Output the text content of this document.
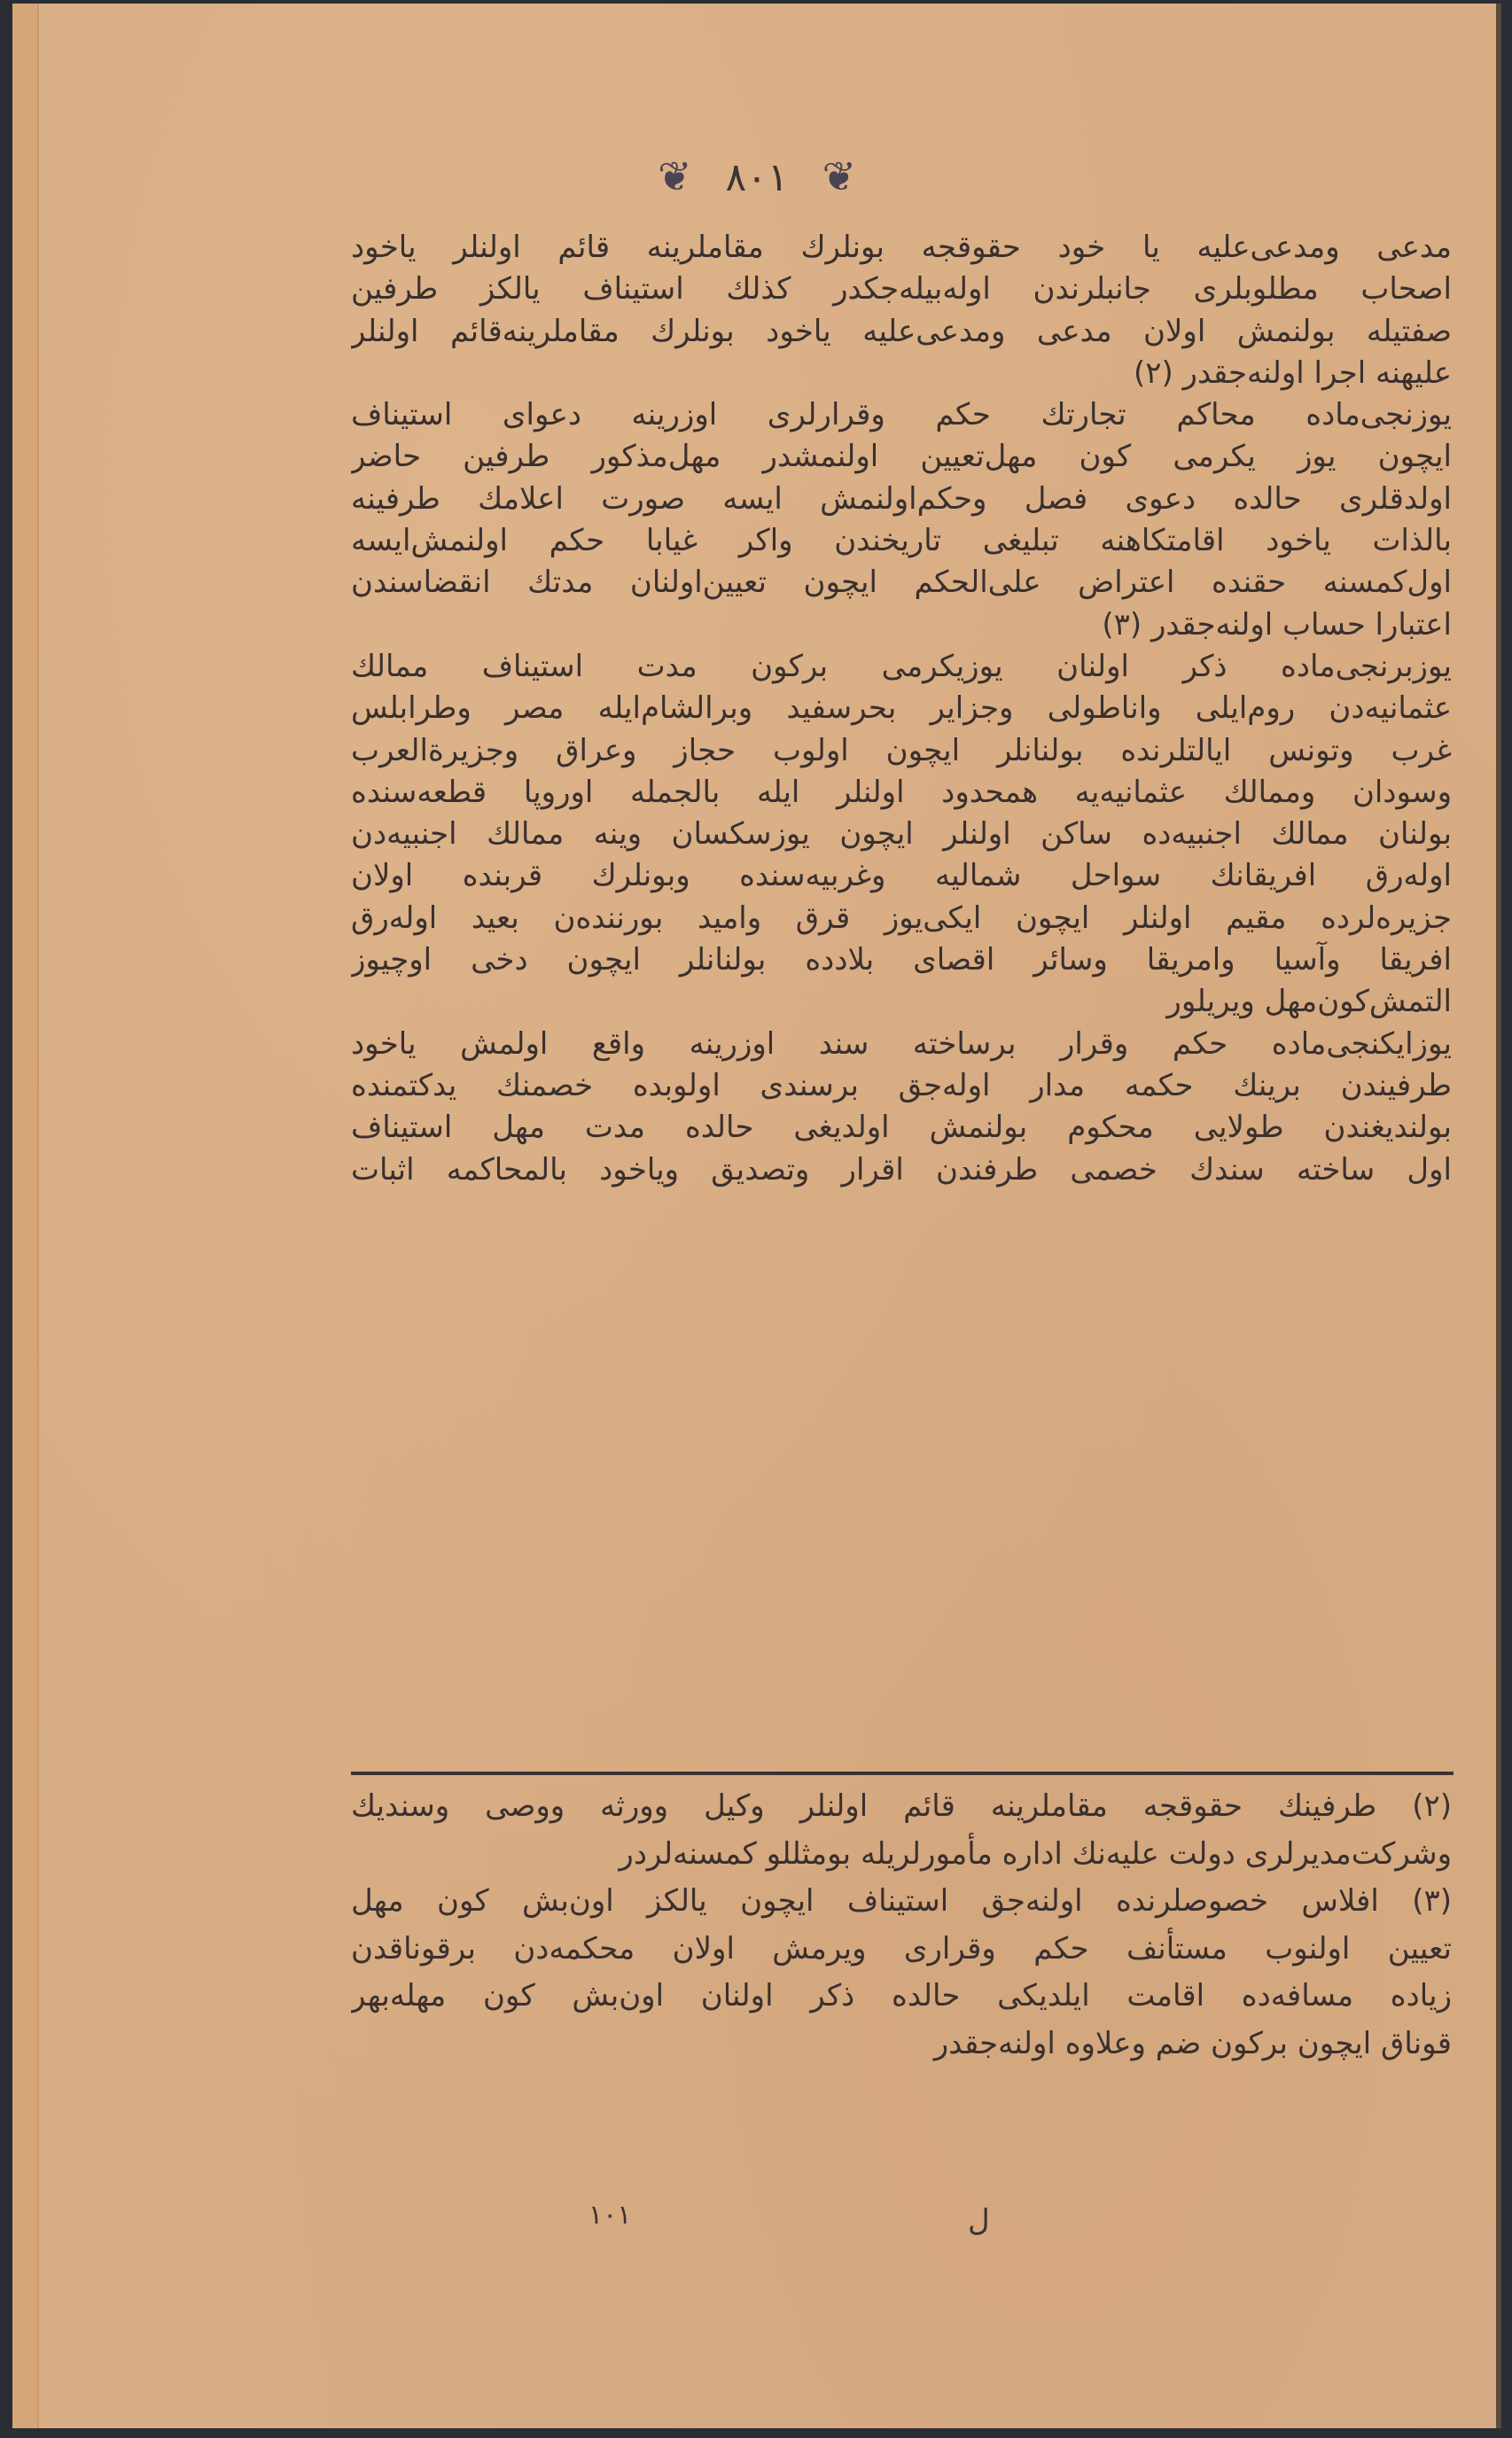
❦ ٨٠١ ❦
مدعى ومدعى‌عليه يا خود حقوقجه بونلرك مقاملرينه قائم اولنلر ياخود
اصحاب مطلوبلرى جانبلرندن اوله‌بيله‌جكدر كذلك استيناف يالكز طرفين
صفتيله بولنمش اولان مدعى ومدعى‌عليه ياخود بونلرك مقاملرينه‌قائم اولنلر
عليهنه اجرا اولنه‌جقدر (٢)
يوزنجى‌ماده محاكم تجارتك حكم وقرارلرى اوزرينه دعواى استيناف
ايچون يوز يكرمى كون مهل‌تعيين اولنمشدر مهل‌مذكور طرفين حاضر
اولدقلرى حالده دعوى فصل وحكم‌اولنمش ايسه صورت اعلامك طرفينه
بالذات ياخود اقامتكاهنه تبليغى تاريخندن واكر غيابا حكم اولنمش‌ايسه
اول‌كمسنه حقنده اعتراض على‌الحكم ايچون تعيين‌اولنان مدتك انقضاسندن
اعتبارا حساب اولنه‌جقدر (٣)
يوزبرنجى‌ماده ذكر اولنان يوزيكرمى بركون مدت استيناف ممالك
عثمانيه‌دن روم‌ايلى واناطولى وجزاير بحرسفيد وبرالشام‌ايله مصر وطرابلس
غرب وتونس ايالتلرنده بولنانلر ايچون اولوب حجاز وعراق وجزيرة‌العرب
وسودان وممالك عثمانيه‌يه همحدود اولنلر ايله بالجمله اوروپا قطعه‌سنده
بولنان ممالك اجنبيه‌ده ساكن اولنلر ايچون يوزسكسان وينه ممالك اجنبيه‌دن
اوله‌رق افريقانك سواحل شماليه وغربيه‌سنده وبونلرك قربنده اولان
جزيره‌لرده مقيم اولنلر ايچون ايكى‌يوز قرق واميد بورننده‌ن بعيد اوله‌رق
افريقا وآسيا وامريقا وسائر اقصاى بلادده بولنانلر ايچون دخى اوچيوز
التمش‌كون‌مهل ويريلور
يوزايكنجى‌ماده حكم وقرار برساخته سند اوزرينه واقع اولمش ياخود
طرفيندن برينك حكمه مدار اوله‌جق برسندى اولوبده خصمنك يدكتمنده
بولنديغندن طولايى محكوم بولنمش اولديغى حالده مدت مهل استيناف
اول ساخته سندك خصمى طرفندن اقرار وتصديق وياخود بالمحاكمه اثبات
(٢) طرفينك حقوقجه مقاملرينه قائم اولنلر وكيل وورثه ووصى وسنديك
وشركت‌مديرلرى دولت عليه‌نك اداره مأمورلريله بومثللو كمسنه‌لردر
(٣) افلاس خصوصلرنده اولنه‌جق استيناف ايچون يالكز اون‌بش كون مهل
تعيين اولنوب مستأنف حكم وقرارى ويرمش اولان محكمه‌دن برقوناقدن
زياده مسافه‌ده اقامت ايلديكى حالده ذكر اولنان اون‌بش كون مهله‌بهر
قوناق ايچون بركون ضم وعلاوه اولنه‌جقدر
١٠١	ل
